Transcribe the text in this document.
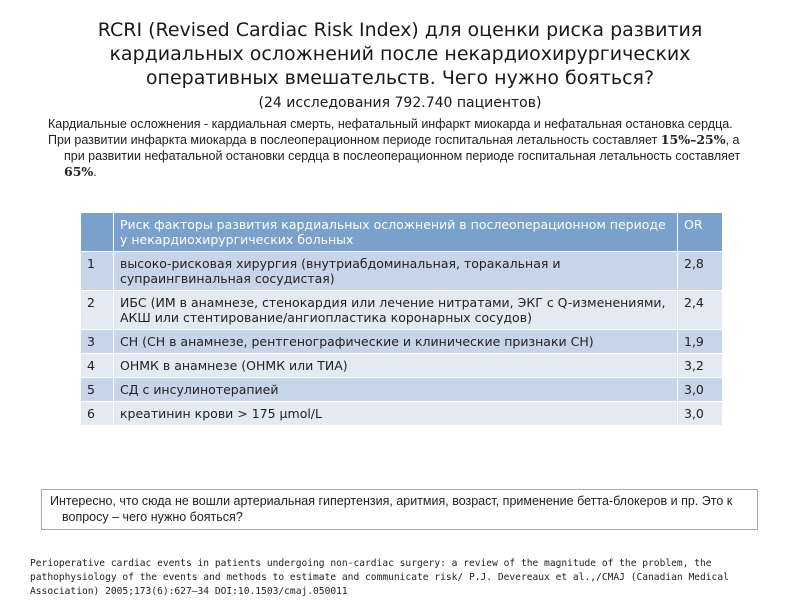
RCRI (Revised Cardiac Risk Index) для оценки риска развития
кардиальных осложнений после некардиохирургических
оперативных вмешательств. Чего нужно бояться?
(24 исследования 792.740 пациентов)

Кардиальные осложнения - кардиальная смерть, нефатальный инфаркт миокарда и нефатальная остановка сердца.

При развитии инфаркта миокарда в послеоперационном периоде госпитальная летальность составляет 15%–25%, а при развитии нефатальной остановки сердца в послеоперационном периоде госпитальная летальность составляет 65%.

	Риск факторы развития кардиальных осложнений в послеоперационном периоде у некардиохирургических больных	OR
1	высоко-рисковая хирургия (внутриабдоминальная, торакальная и супраингвинальная сосудистая)	2,8
2	ИБС (ИМ в анамнезе, стенокардия или лечение нитратами, ЭКГ с Q-изменениями, АКШ или стентирование/ангиопластика коронарных сосудов)	2,4
3	СН (СН в анамнезе, рентгенографические и клинические признаки СН)	1,9
4	ОНМК в анамнезе (ОНМК или ТИА)	3,2
5	СД с инсулинотерапией	3,0
6	креатинин крови > 175 µmol/L	3,0

Интересно, что сюда не вошли артериальная гипертензия, аритмия, возраст, применение бетта-блокеров и пр. Это к вопросу – чего нужно бояться?

Perioperative cardiac events in patients undergoing non-cardiac surgery: a review of the magnitude of the problem, the
pathophysiology of the events and methods to estimate and communicate risk/ P.J. Devereaux et al.,/CMAJ (Canadian Medical
Association) 2005;173(6):627–34 DOI:10.1503/cmaj.050011
